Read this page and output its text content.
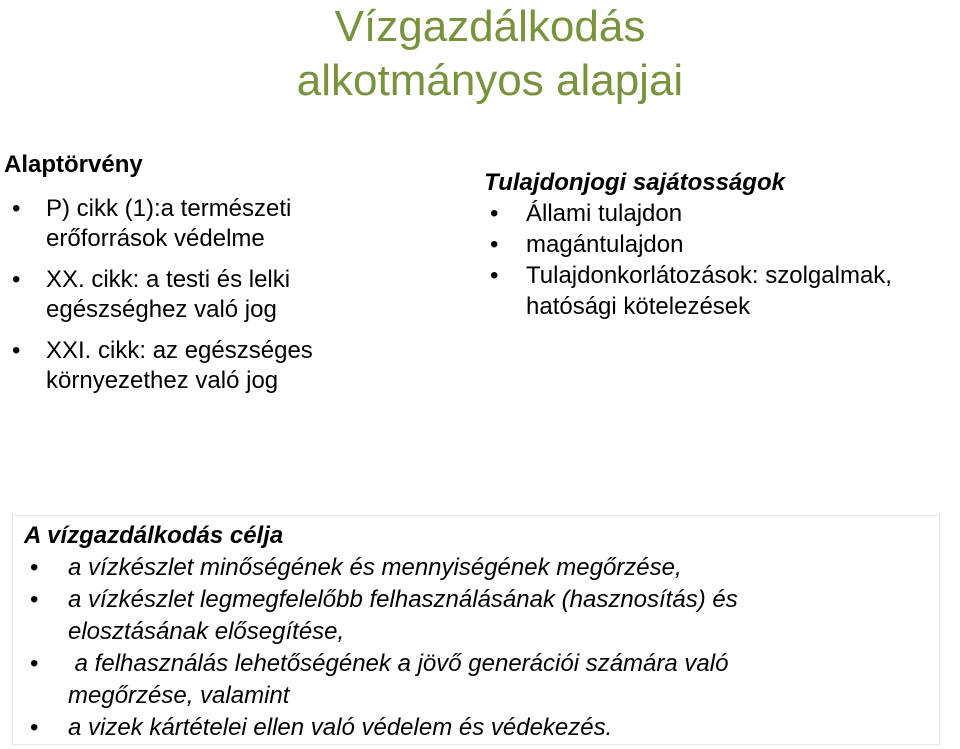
Vízgazdálkodás
alkotmányos alapjai
Alaptörvény
• P) cikk (1):a természeti
erőforrások védelme
• XX. cikk: a testi és lelki
egészséghez való jog
• XXI. cikk: az egészséges
környezethez való jog
Tulajdonjogi sajátosságok
• Állami tulajdon
• magántulajdon
• Tulajdonkorlátozások: szolgalmak,
hatósági kötelezések
A vízgazdálkodás célja
• a vízkészlet minőségének és mennyiségének megőrzése,
• a vízkészlet legmegfelelőbb felhasználásának (hasznosítás) és
elosztásának elősegítése,
•  a felhasználás lehetőségének a jövő generációi számára való
megőrzése, valamint
• a vizek kártételei ellen való védelem és védekezés.
